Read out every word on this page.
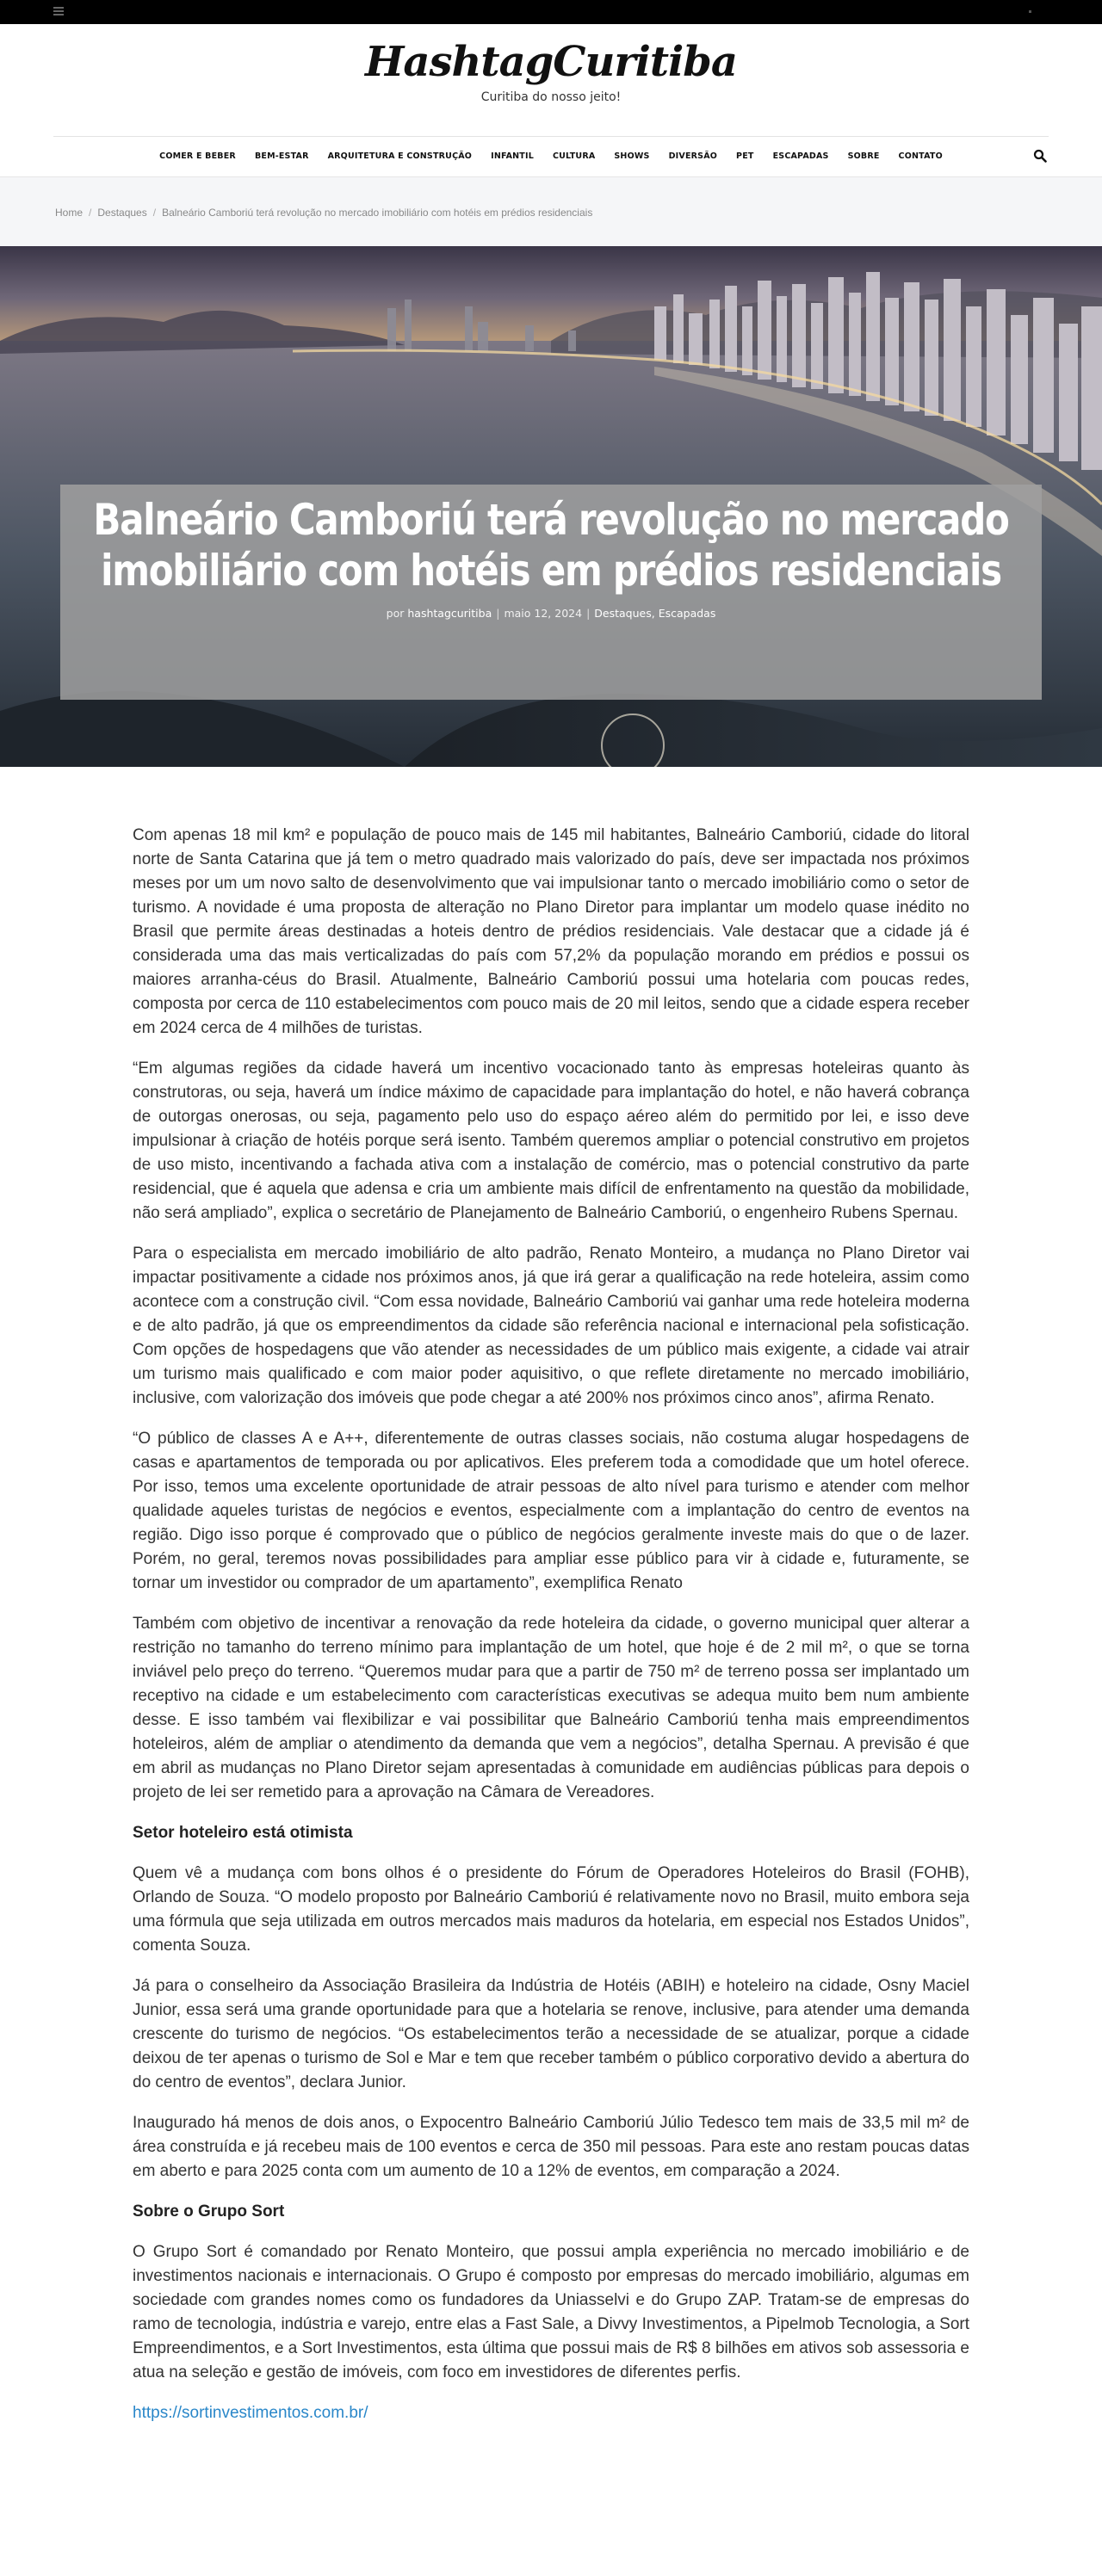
HashtagCuritiba
Curitiba do nosso jeito!
COMER E BEBER BEM-ESTAR ARQUITETURA E CONSTRUÇÃO INFANTIL CULTURA SHOWS DIVERSÃO PET ESCAPADAS SOBRE CONTATO
Home / Destaques / Balneário Camboriú terá revolução no mercado imobiliário com hotéis em prédios residenciais
Balneário Camboriú terá revolução no mercado imobiliário com hotéis em prédios residenciais
por hashtagcuritiba | maio 12, 2024 | Destaques, Escapadas

Com apenas 18 mil km² e população de pouco mais de 145 mil habitantes, Balneário Camboriú, cidade do litoral norte de Santa Catarina que já tem o metro quadrado mais valorizado do país, deve ser impactada nos próximos meses por um um novo salto de desenvolvimento que vai impulsionar tanto o mercado imobiliário como o setor de turismo. A novidade é uma proposta de alteração no Plano Diretor para implantar um modelo quase inédito no Brasil que permite áreas destinadas a hoteis dentro de prédios residenciais. Vale destacar que a cidade já é considerada uma das mais verticalizadas do país com 57,2% da população morando em prédios e possui os maiores arranha-céus do Brasil. Atualmente, Balneário Camboriú possui uma hotelaria com poucas redes, composta por cerca de 110 estabelecimentos com pouco mais de 20 mil leitos, sendo que a cidade espera receber em 2024 cerca de 4 milhões de turistas.

“Em algumas regiões da cidade haverá um incentivo vocacionado tanto às empresas hoteleiras quanto às construtoras, ou seja, haverá um índice máximo de capacidade para implantação do hotel, e não haverá cobrança de outorgas onerosas, ou seja, pagamento pelo uso do espaço aéreo além do permitido por lei, e isso deve impulsionar à criação de hotéis porque será isento. Também queremos ampliar o potencial construtivo em projetos de uso misto, incentivando a fachada ativa com a instalação de comércio, mas o potencial construtivo da parte residencial, que é aquela que adensa e cria um ambiente mais difícil de enfrentamento na questão da mobilidade, não será ampliado”, explica o secretário de Planejamento de Balneário Camboriú, o engenheiro Rubens Spernau.

Para o especialista em mercado imobiliário de alto padrão, Renato Monteiro, a mudança no Plano Diretor vai impactar positivamente a cidade nos próximos anos, já que irá gerar a qualificação na rede hoteleira, assim como acontece com a construção civil. “Com essa novidade, Balneário Camboriú vai ganhar uma rede hoteleira moderna e de alto padrão, já que os empreendimentos da cidade são referência nacional e internacional pela sofisticação. Com opções de hospedagens que vão atender as necessidades de um público mais exigente, a cidade vai atrair um turismo mais qualificado e com maior poder aquisitivo, o que reflete diretamente no mercado imobiliário, inclusive, com valorização dos imóveis que pode chegar a até 200% nos próximos cinco anos”, afirma Renato.

“O público de classes A e A++, diferentemente de outras classes sociais, não costuma alugar hospedagens de casas e apartamentos de temporada ou por aplicativos. Eles preferem toda a comodidade que um hotel oferece. Por isso, temos uma excelente oportunidade de atrair pessoas de alto nível para turismo e atender com melhor qualidade aqueles turistas de negócios e eventos, especialmente com a implantação do centro de eventos na região. Digo isso porque é comprovado que o público de negócios geralmente investe mais do que o de lazer. Porém, no geral, teremos novas possibilidades para ampliar esse público para vir à cidade e, futuramente, se tornar um investidor ou comprador de um apartamento”, exemplifica Renato

Também com objetivo de incentivar a renovação da rede hoteleira da cidade, o governo municipal quer alterar a restrição no tamanho do terreno mínimo para implantação de um hotel, que hoje é de 2 mil m², o que se torna inviável pelo preço do terreno. “Queremos mudar para que a partir de 750 m² de terreno possa ser implantado um receptivo na cidade e um estabelecimento com características executivas se adequa muito bem num ambiente desse. E isso também vai flexibilizar e vai possibilitar que Balneário Camboriú tenha mais empreendimentos hoteleiros, além de ampliar o atendimento da demanda que vem a negócios”, detalha Spernau. A previsão é que em abril as mudanças no Plano Diretor sejam apresentadas à comunidade em audiências públicas para depois o projeto de lei ser remetido para a aprovação na Câmara de Vereadores.

Setor hoteleiro está otimista

Quem vê a mudança com bons olhos é o presidente do Fórum de Operadores Hoteleiros do Brasil (FOHB), Orlando de Souza. “O modelo proposto por Balneário Camboriú é relativamente novo no Brasil, muito embora seja uma fórmula que seja utilizada em outros mercados mais maduros da hotelaria, em especial nos Estados Unidos”, comenta Souza.

Já para o conselheiro da Associação Brasileira da Indústria de Hotéis (ABIH) e hoteleiro na cidade, Osny Maciel Junior, essa será uma grande oportunidade para que a hotelaria se renove, inclusive, para atender uma demanda crescente do turismo de negócios. “Os estabelecimentos terão a necessidade de se atualizar, porque a cidade deixou de ter apenas o turismo de Sol e Mar e tem que receber também o público corporativo devido a abertura do do centro de eventos”, declara Junior.

Inaugurado há menos de dois anos, o Expocentro Balneário Camboriú Júlio Tedesco tem mais de 33,5 mil m² de área construída e já recebeu mais de 100 eventos e cerca de 350 mil pessoas. Para este ano restam poucas datas em aberto e para 2025 conta com um aumento de 10 a 12% de eventos, em comparação a 2024.

Sobre o Grupo Sort

O Grupo Sort é comandado por Renato Monteiro, que possui ampla experiência no mercado imobiliário e de investimentos nacionais e internacionais. O Grupo é composto por empresas do mercado imobiliário, algumas em sociedade com grandes nomes como os fundadores da Uniasselvi e do Grupo ZAP. Tratam-se de empresas do ramo de tecnologia, indústria e varejo, entre elas a Fast Sale, a Divvy Investimentos, a Pipelmob Tecnologia, a Sort Empreendimentos, e a Sort Investimentos, esta última que possui mais de R$ 8 bilhões em ativos sob assessoria e atua na seleção e gestão de imóveis, com foco em investidores de diferentes perfis.

https://sortinvestimentos.com.br/
